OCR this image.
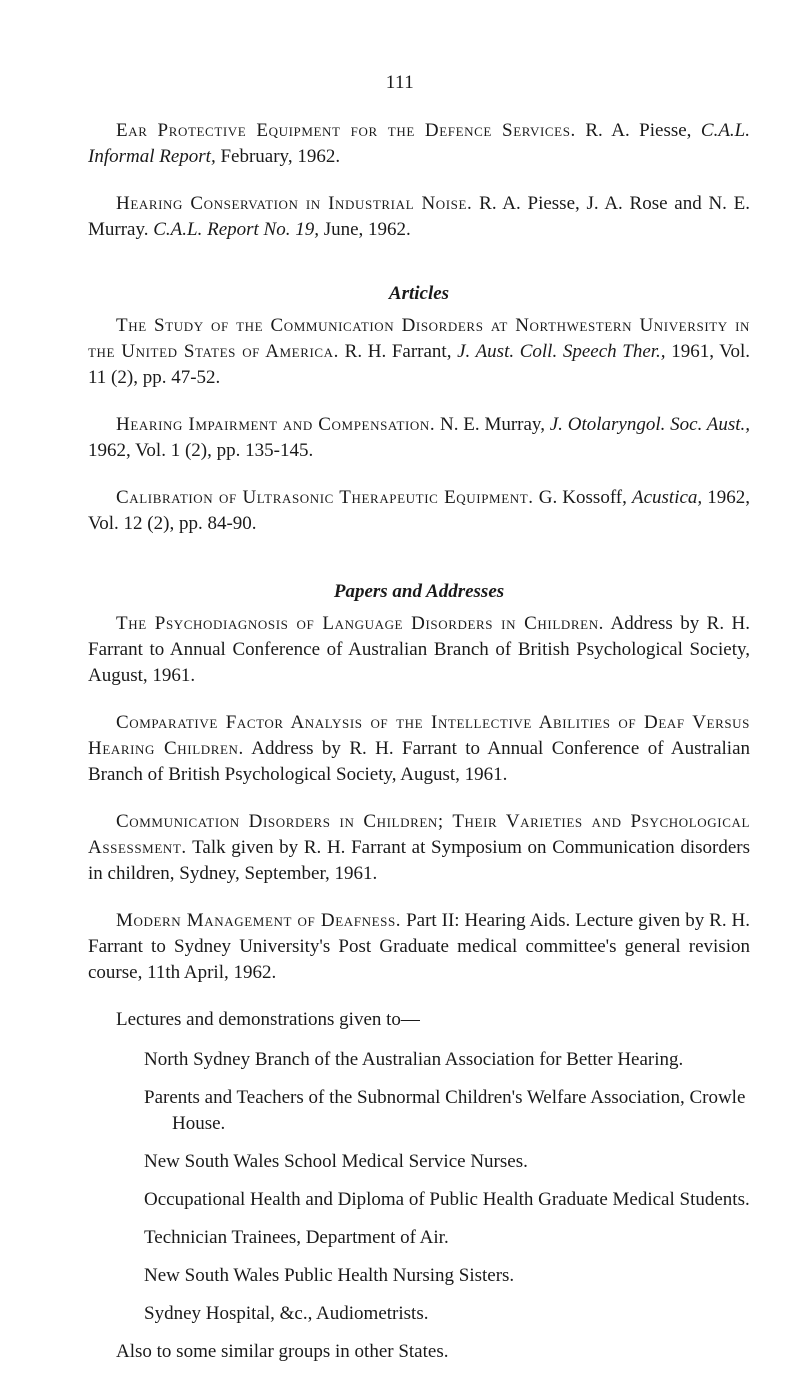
111

Ear Protective Equipment for the Defence Services. R. A. Piesse, C.A.L. Informal Report, February, 1962.

Hearing Conservation in Industrial Noise. R. A. Piesse, J. A. Rose and N. E. Murray. C.A.L. Report No. 19, June, 1962.

Articles

The Study of the Communication Disorders at Northwestern University in the United States of America. R. H. Farrant, J. Aust. Coll. Speech Ther., 1961, Vol. 11 (2), pp. 47-52.

Hearing Impairment and Compensation. N. E. Murray, J. Otolaryngol. Soc. Aust., 1962, Vol. 1 (2), pp. 135-145.

Calibration of Ultrasonic Therapeutic Equipment. G. Kossoff, Acustica, 1962, Vol. 12 (2), pp. 84-90.

Papers and Addresses

The Psychodiagnosis of Language Disorders in Children. Address by R. H. Farrant to Annual Conference of Australian Branch of British Psychological Society, August, 1961.

Comparative Factor Analysis of the Intellective Abilities of Deaf Versus Hearing Children. Address by R. H. Farrant to Annual Conference of Australian Branch of British Psychological Society, August, 1961.

Communication Disorders in Children; Their Varieties and Psychological Assessment. Talk given by R. H. Farrant at Symposium on Communication disorders in children, Sydney, September, 1961.

Modern Management of Deafness. Part II: Hearing Aids. Lecture given by R. H. Farrant to Sydney University's Post Graduate medical committee's general revision course, 11th April, 1962.

Lectures and demonstrations given to—

North Sydney Branch of the Australian Association for Better Hearing.
Parents and Teachers of the Subnormal Children's Welfare Association, Crowle House.
New South Wales School Medical Service Nurses.
Occupational Health and Diploma of Public Health Graduate Medical Students.
Technician Trainees, Department of Air.
New South Wales Public Health Nursing Sisters.
Sydney Hospital, &c., Audiometrists.

Also to some similar groups in other States.
